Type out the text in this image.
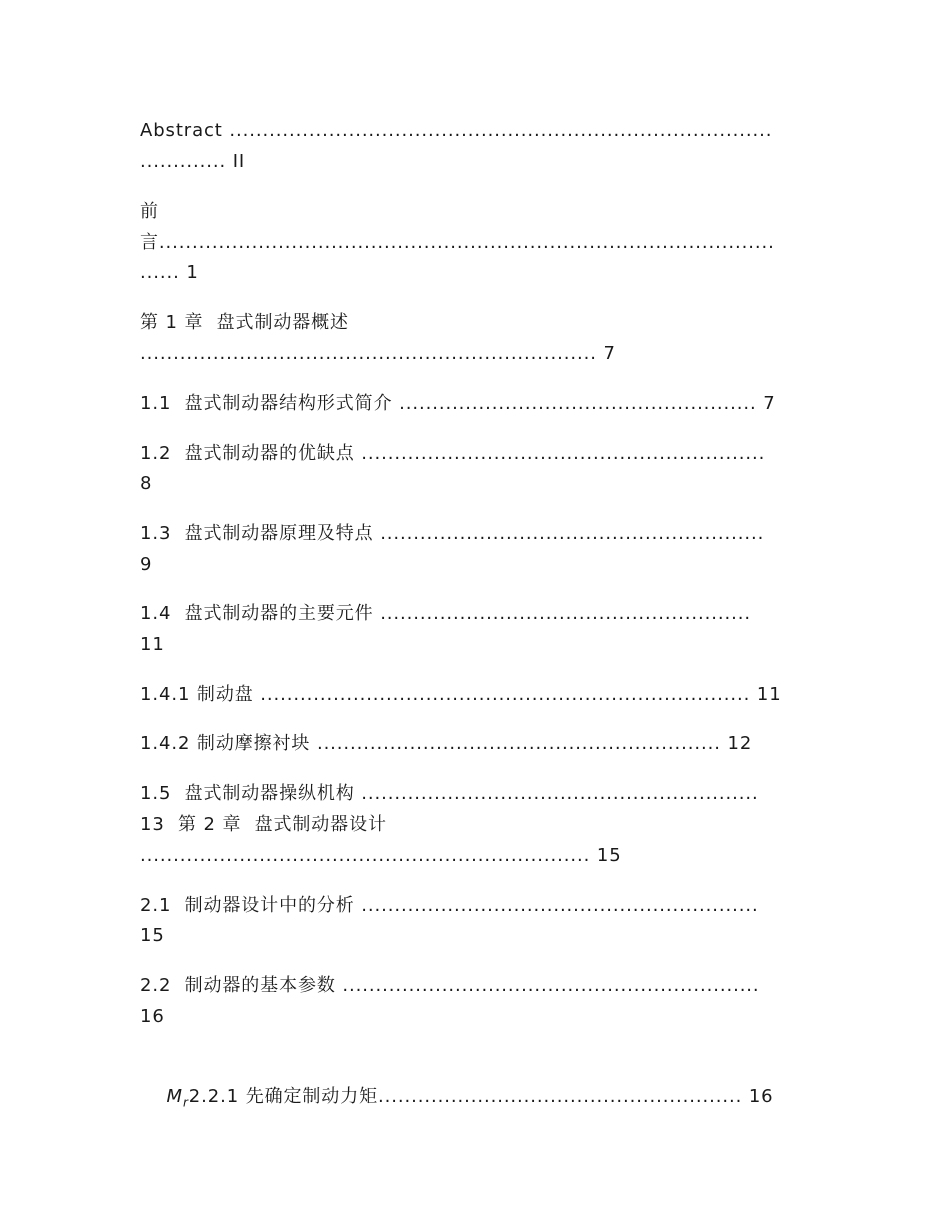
Abstract ..................................................................................
............. II
前
言.............................................................................................
...... 1
第 1 章  盘式制动器概述
..................................................................... 7
1.1  盘式制动器结构形式简介 ...................................................... 7
1.2  盘式制动器的优缺点 .............................................................
8
1.3  盘式制动器原理及特点 ..........................................................
9
1.4  盘式制动器的主要元件 ........................................................
11
1.4.1 制动盘 .......................................................................... 11
1.4.2 制动摩擦衬块 ............................................................. 12
1.5  盘式制动器操纵机构 ............................................................
13  第 2 章  盘式制动器设计
.................................................................... 15
2.1  制动器设计中的分析 ............................................................
15
2.2  制动器的基本参数 ...............................................................
16

$M_r2.2.1$ 先确定制动力矩....................................................... 16
